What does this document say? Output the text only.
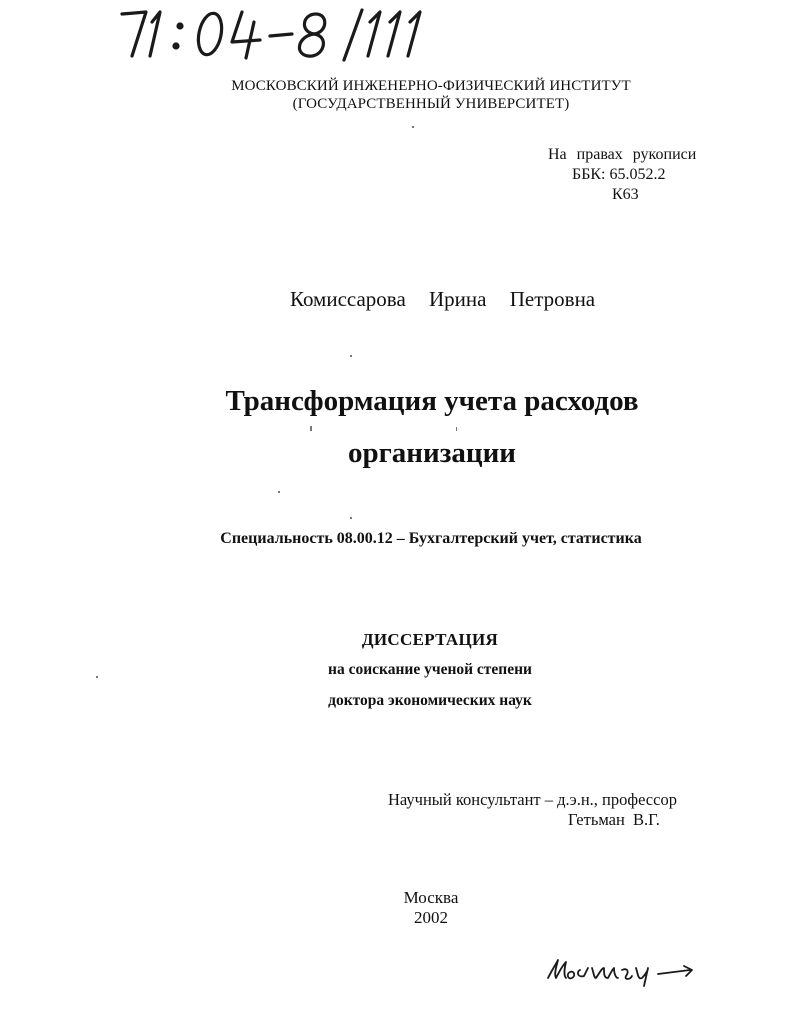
МОСКОВСКИЙ ИНЖЕНЕРНО-ФИЗИЧЕСКИЙ ИНСТИТУТ
(ГОСУДАРСТВЕННЫЙ УНИВЕРСИТЕТ)
На правах рукописи
ББК: 65.052.2
К63
Комиссарова Ирина Петровна
Трансформация учета расходов
организации
Специальность 08.00.12 – Бухгалтерский учет, статистика
ДИССЕРТАЦИЯ
на соискание ученой степени
доктора экономических наук
Научный консультант – д.э.н., профессор
Гетьман В.Г.
Москва
2002
